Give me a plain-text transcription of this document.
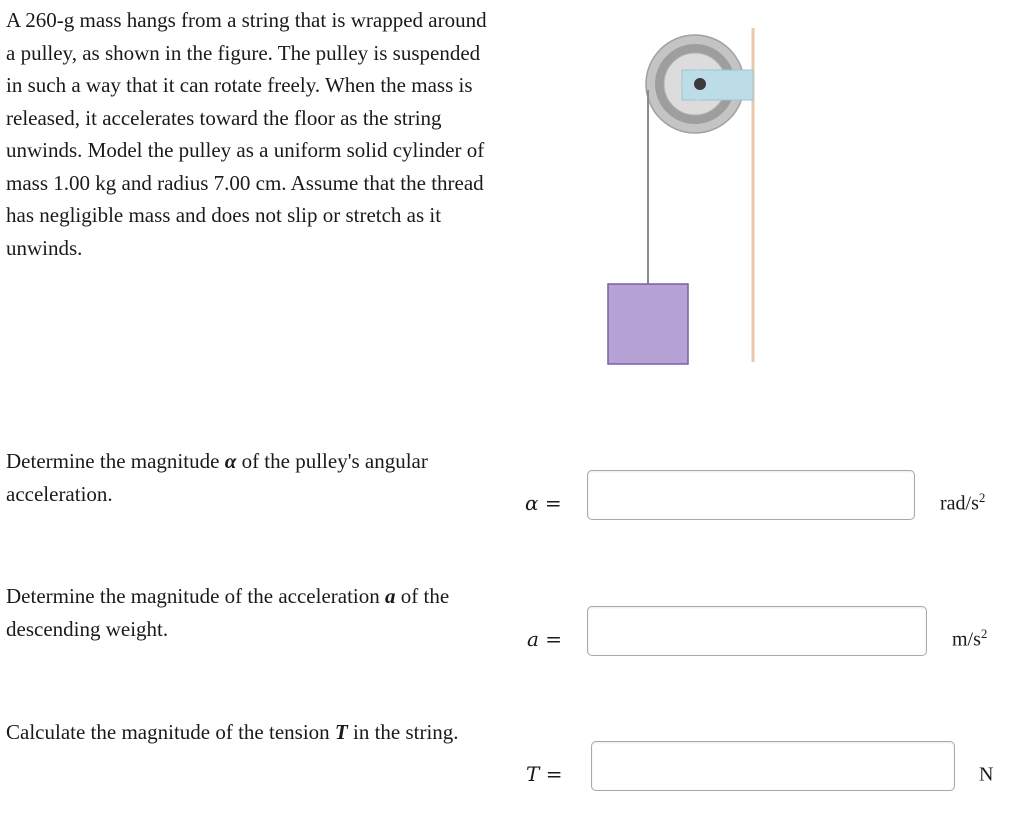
A 260-g mass hangs from a string that is wrapped around a pulley, as shown in the figure. The pulley is suspended in such a way that it can rotate freely. When the mass is released, it accelerates toward the floor as the string unwinds. Model the pulley as a uniform solid cylinder of mass 1.00 kg and radius 7.00 cm. Assume that the thread has negligible mass and does not slip or stretch as it unwinds.
Determine the magnitude α of the pulley's angular acceleration.	α =	rad/$s^2$
Determine the magnitude of the acceleration a of the descending weight.	a =	$m/s^2$
Calculate the magnitude of the tension T in the string.
T =	N
